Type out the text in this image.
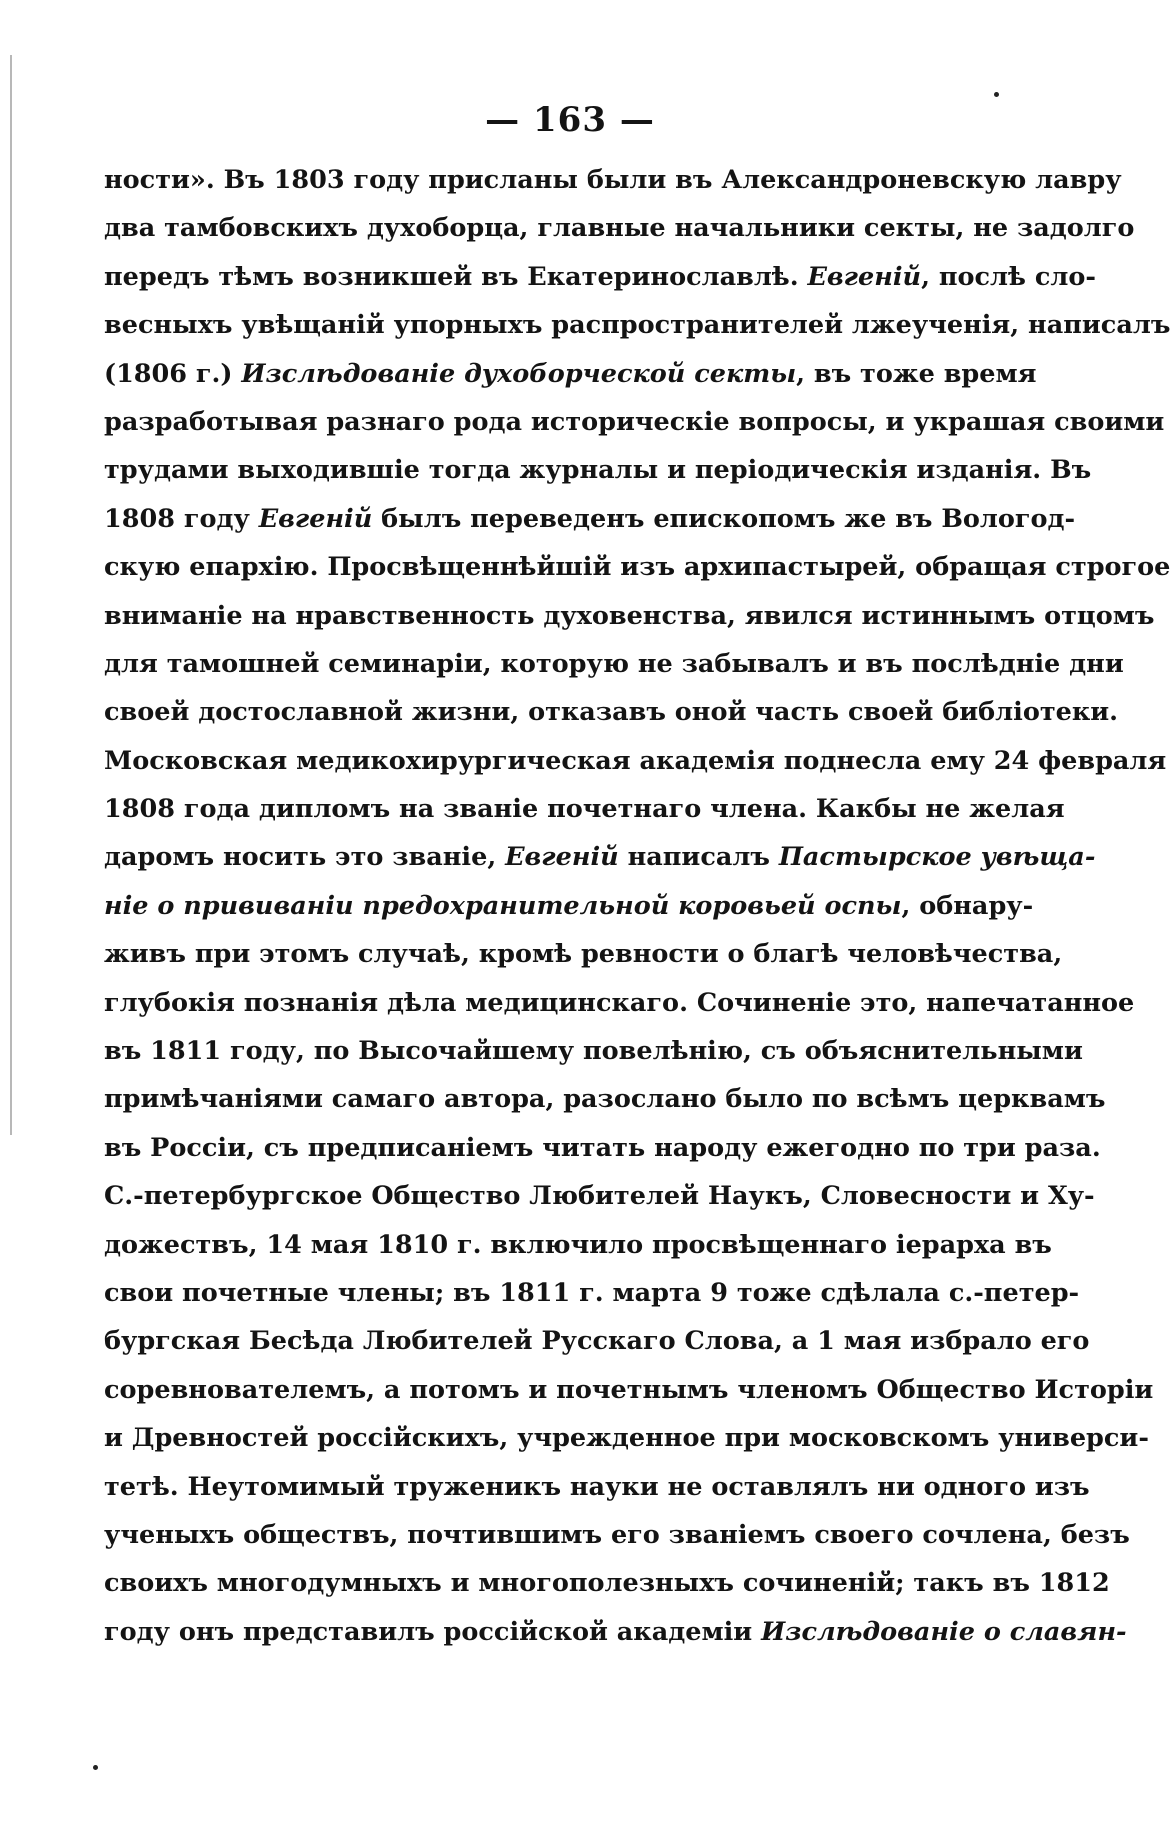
— 163 —
ности». Въ 1803 году присланы были въ Александроневскую лавру
два тамбовскихъ духоборца, главные начальники секты, не задолго
передъ тѣмъ возникшей въ Екатеринославлѣ. Евгеній, послѣ сло-
весныхъ увѣщаній упорныхъ распространителей лжеученія, написалъ
(1806 г.) Изслѣдованіе духоборческой секты, въ тоже время
разработывая разнаго рода историческіе вопросы, и украшая своими
трудами выходившіе тогда журналы и періодическія изданія. Въ
1808 году Евгеній былъ переведенъ епископомъ же въ Вологод-
скую епархію. Просвѣщеннѣйшій изъ архипастырей, обращая строгое
вниманіе на нравственность духовенства, явился истиннымъ отцомъ
для тамошней семинаріи, которую не забывалъ и въ послѣдніе дни
своей достославной жизни, отказавъ оной часть своей библіотеки.
Московская медикохирургическая академія поднесла ему 24 февраля
1808 года дипломъ на званіе почетнаго члена. Какбы не желая
даромъ носить это званіе, Евгеній написалъ Пастырское увѣща-
ніе о прививаніи предохранительной коровьей оспы, обнару-
живъ при этомъ случаѣ, кромѣ ревности о благѣ человѣчества,
глубокія познанія дѣла медицинскаго. Сочиненіе это, напечатанное
въ 1811 году, по Высочайшему повелѣнію, съ объяснительными
примѣчаніями самаго автора, разослано было по всѣмъ церквамъ
въ Россіи, съ предписаніемъ читать народу ежегодно по три раза.
С.-петербургское Общество Любителей Наукъ, Словесности и Ху-
дожествъ, 14 мая 1810 г. включило просвѣщеннаго іерарха въ
свои почетные члены; въ 1811 г. марта 9 тоже сдѣлала с.-петер-
бургская Бесѣда Любителей Русскаго Слова, а 1 мая избрало его
соревнователемъ, а потомъ и почетнымъ членомъ Общество Исторіи
и Древностей россійскихъ, учрежденное при московскомъ универси-
тетѣ. Неутомимый труженикъ науки не оставлялъ ни одного изъ
ученыхъ обществъ, почтившимъ его званіемъ своего сочлена, безъ
своихъ многодумныхъ и многополезныхъ сочиненій; такъ въ 1812
году онъ представилъ россійской академіи Изслѣдованіе о славян-
